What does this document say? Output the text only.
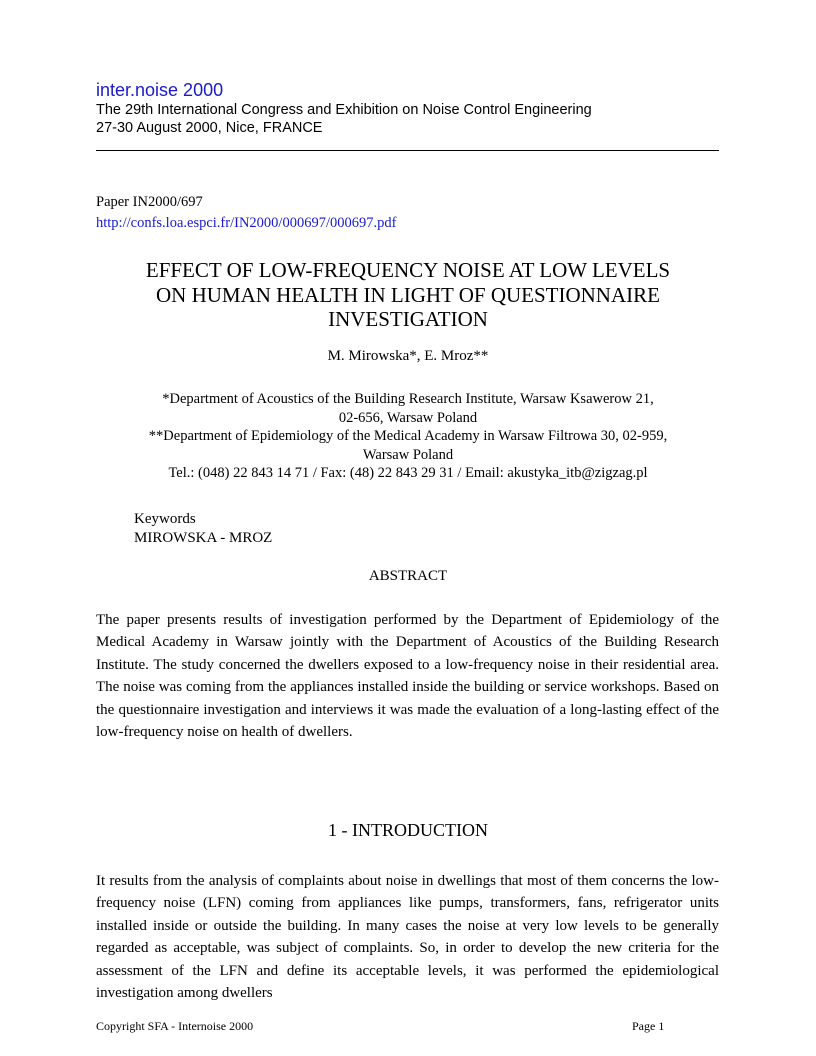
inter.noise 2000

The 29th International Congress and Exhibition on Noise Control Engineering

27-30 August 2000, Nice, FRANCE

Paper IN2000/697
http://confs.loa.espci.fr/IN2000/000697/000697.pdf
EFFECT OF LOW-FREQUENCY NOISE AT LOW LEVELS
ON HUMAN HEALTH IN LIGHT OF QUESTIONNAIRE
INVESTIGATION
M. Mirowska*, E. Mroz**
*Department of Acoustics of the Building Research Institute, Warsaw Ksawerow 21,
02-656, Warsaw Poland
**Department of Epidemiology of the Medical Academy in Warsaw Filtrowa 30, 02-959,
Warsaw Poland
Tel.: (048) 22 843 14 71 / Fax: (48) 22 843 29 31 / Email: akustyka_itb@zigzag.pl
Keywords
MIROWSKA - MROZ
ABSTRACT

The paper presents results of investigation performed by the Department of Epidemiology of the Medical Academy in Warsaw jointly with the Department of Acoustics of the Building Research Institute. The study concerned the dwellers exposed to a low-frequency noise in their residential area. The noise was coming from the appliances installed inside the building or service workshops. Based on the questionnaire investigation and interviews it was made the evaluation of a long-lasting effect of the low-frequency noise on health of dwellers.

1 - INTRODUCTION

It results from the analysis of complaints about noise in dwellings that most of them concerns the low-frequency noise (LFN) coming from appliances like pumps, transformers, fans, refrigerator units installed inside or outside the building. In many cases the noise at very low levels to be generally regarded as acceptable, was subject of complaints. So, in order to develop the new criteria for the assessment of the LFN and define its acceptable levels, it was performed the epidemiological investigation among dwellers

Copyright SFA - Internoise 2000	Page 1
